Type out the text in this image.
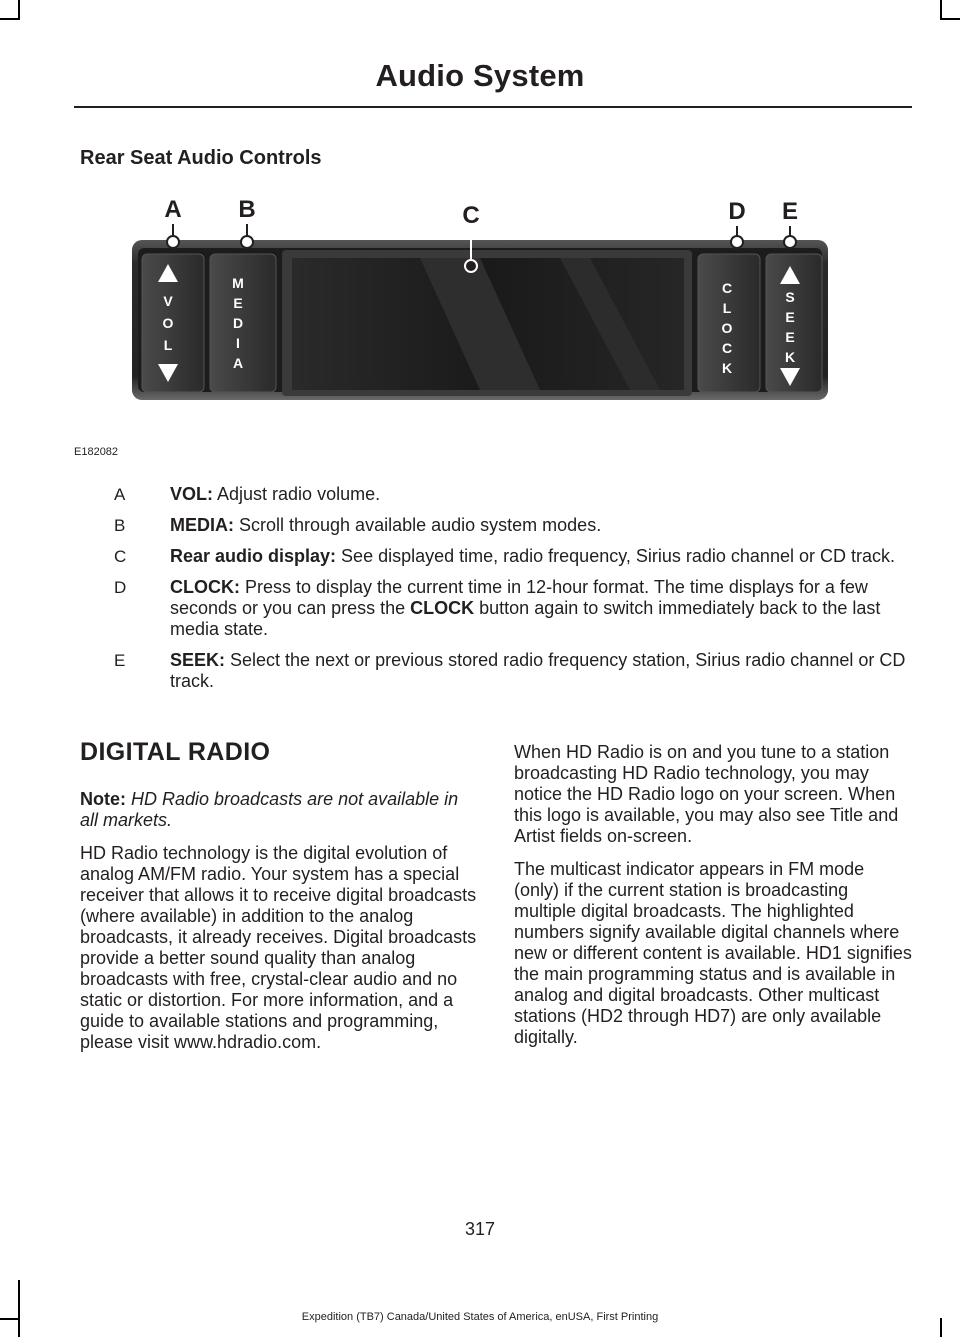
Audio System
Rear Seat Audio Controls
V
O
L
M
E
D
I
A
C
L
O
C
K
S
E
E
K
A B	C	D E
E182082
A VOL: Adjust radio volume.
B MEDIA: Scroll through available audio system modes.
C Rear audio display: See displayed time, radio frequency, Sirius radio channel or CD track.
D CLOCK: Press to display the current time in 12-hour format. The time displays for a few seconds or you can press the CLOCK button again to switch immediately back to the last media state.
E SEEK: Select the next or previous stored radio frequency station, Sirius radio channel or CD track.
DIGITAL RADIO

Note: HD Radio broadcasts are not available in all markets.

HD Radio technology is the digital evolution of analog AM/FM radio. Your system has a special receiver that allows it to receive digital broadcasts (where available) in addition to the analog broadcasts, it already receives. Digital broadcasts provide a better sound quality than analog broadcasts with free, crystal-clear audio and no static or distortion. For more information, and a guide to available stations and programming, please visit www.hdradio.com.

When HD Radio is on and you tune to a station broadcasting HD Radio technology, you may notice the HD Radio logo on your screen. When this logo is available, you may also see Title and Artist fields on-screen.

The multicast indicator appears in FM mode (only) if the current station is broadcasting multiple digital broadcasts. The highlighted numbers signify available digital channels where new or different content is available. HD1 signifies the main programming status and is available in analog and digital broadcasts. Other multicast stations (HD2 through HD7) are only available digitally.

317
Expedition (TB7) Canada/United States of America, enUSA, First Printing
